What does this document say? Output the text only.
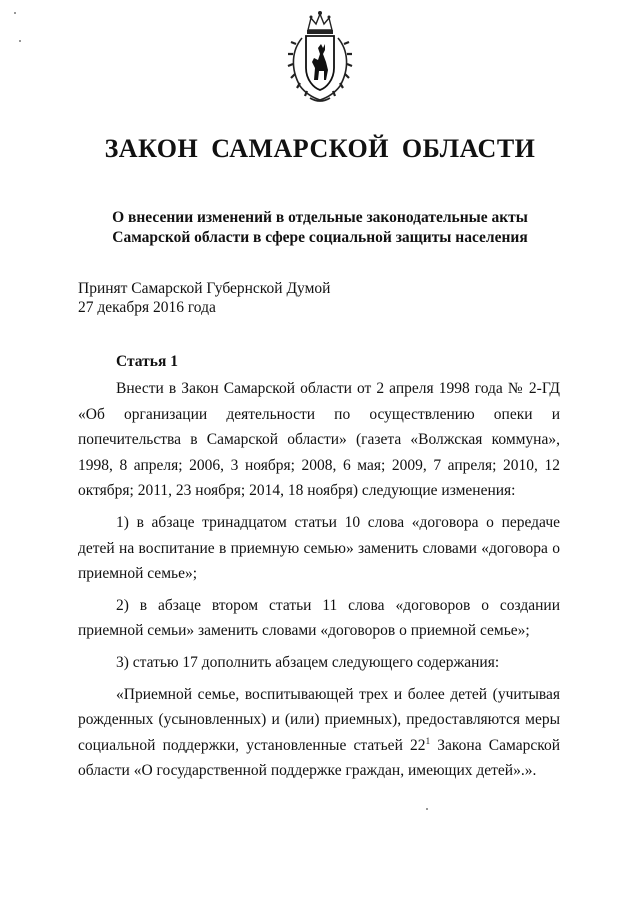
ЗАКОН САМАРСКОЙ ОБЛАСТИ
О внесении изменений в отдельные законодательные акты
Самарской области в сфере социальной защиты населения
Принят Самарской Губернской Думой
27 декабря 2016 года
Статья 1

Внести в Закон Самарской области от 2 апреля 1998 года № 2-ГД «Об организации деятельности по осуществлению опеки и попечительства в Самарской области» (газета «Волжская коммуна», 1998, 8 апреля; 2006, 3 ноября; 2008, 6 мая; 2009, 7 апреля; 2010, 12 октября; 2011, 23 ноября; 2014, 18 ноября) следующие изменения:

1) в абзаце тринадцатом статьи 10 слова «договора о передаче детей на воспитание в приемную семью» заменить словами «договора о приемной семье»;

2) в абзаце втором статьи 11 слова «договоров о создании приемной семьи» заменить словами «договоров о приемной семье»;

3) статью 17 дополнить абзацем следующего содержания:

«Приемной семье, воспитывающей трех и более детей (учитывая рожденных (усыновленных) и (или) приемных), предоставляются меры социальной поддержки, установленные статьей $22^1$ Закона Самарской области «О государственной поддержке граждан, имеющих детей».».
